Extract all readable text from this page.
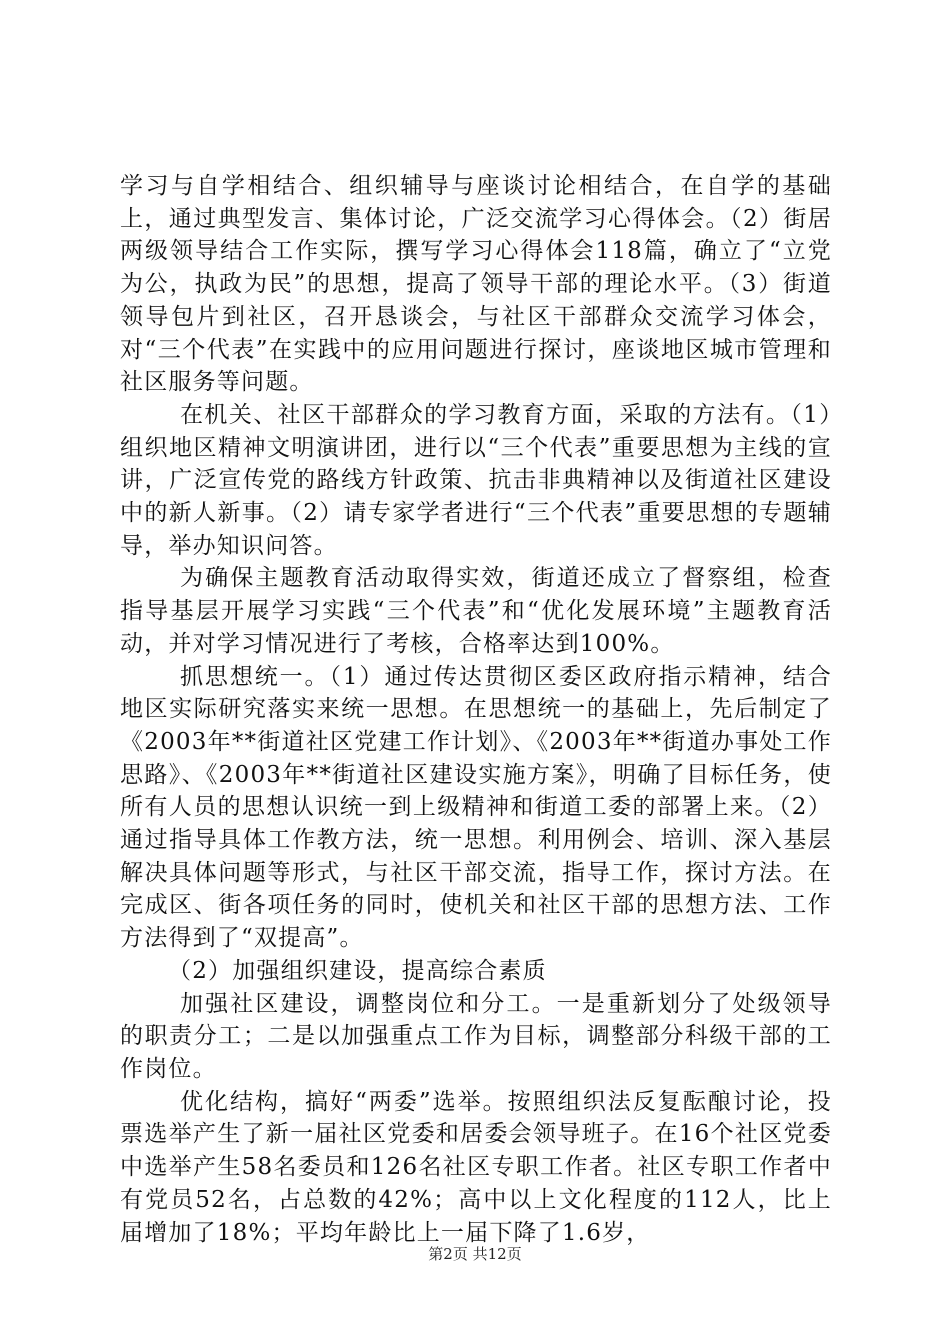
学习与自学相结合、组织辅导与座谈讨论相结合，在自学的基础上，通过典型发言、集体讨论，广泛交流学习心得体会。（2）街居两级领导结合工作实际，撰写学习心得体会118篇，确立了“立党为公，执政为民”的思想，提高了领导干部的理论水平。（3）街道领导包片到社区，召开恳谈会，与社区干部群众交流学习体会，对“三个代表”在实践中的应用问题进行探讨，座谈地区城市管理和社区服务等问题。

在机关、社区干部群众的学习教育方面，采取的方法有。（1）组织地区精神文明演讲团，进行以“三个代表”重要思想为主线的宣讲，广泛宣传党的路线方针政策、抗击非典精神以及街道社区建设中的新人新事。（2）请专家学者进行“三个代表”重要思想的专题辅导，举办知识问答。

为确保主题教育活动取得实效，街道还成立了督察组，检查指导基层开展学习实践“三个代表”和“优化发展环境”主题教育活动，并对学习情况进行了考核，合格率达到100%。

抓思想统一。（1）通过传达贯彻区委区政府指示精神，结合地区实际研究落实来统一思想。在思想统一的基础上，先后制定了《2003年**街道社区党建工作计划》、《2003年**街道办事处工作思路》、《2003年**街道社区建设实施方案》，明确了目标任务，使所有人员的思想认识统一到上级精神和街道工委的部署上来。（2）通过指导具体工作教方法，统一思想。利用例会、培训、深入基层解决具体问题等形式，与社区干部交流，指导工作，探讨方法。在完成区、街各项任务的同时，使机关和社区干部的思想方法、工作方法得到了“双提高”。

（2）加强组织建设，提高综合素质

加强社区建设，调整岗位和分工。一是重新划分了处级领导的职责分工；二是以加强重点工作为目标，调整部分科级干部的工作岗位。

优化结构，搞好“两委”选举。按照组织法反复酝酿讨论，投票选举产生了新一届社区党委和居委会领导班子。在16个社区党委中选举产生58名委员和126名社区专职工作者。社区专职工作者中有党员52名，占总数的42%；高中以上文化程度的112人，比上届增加了18%；平均年龄比上一届下降了1.6岁，

第2页 共12页
